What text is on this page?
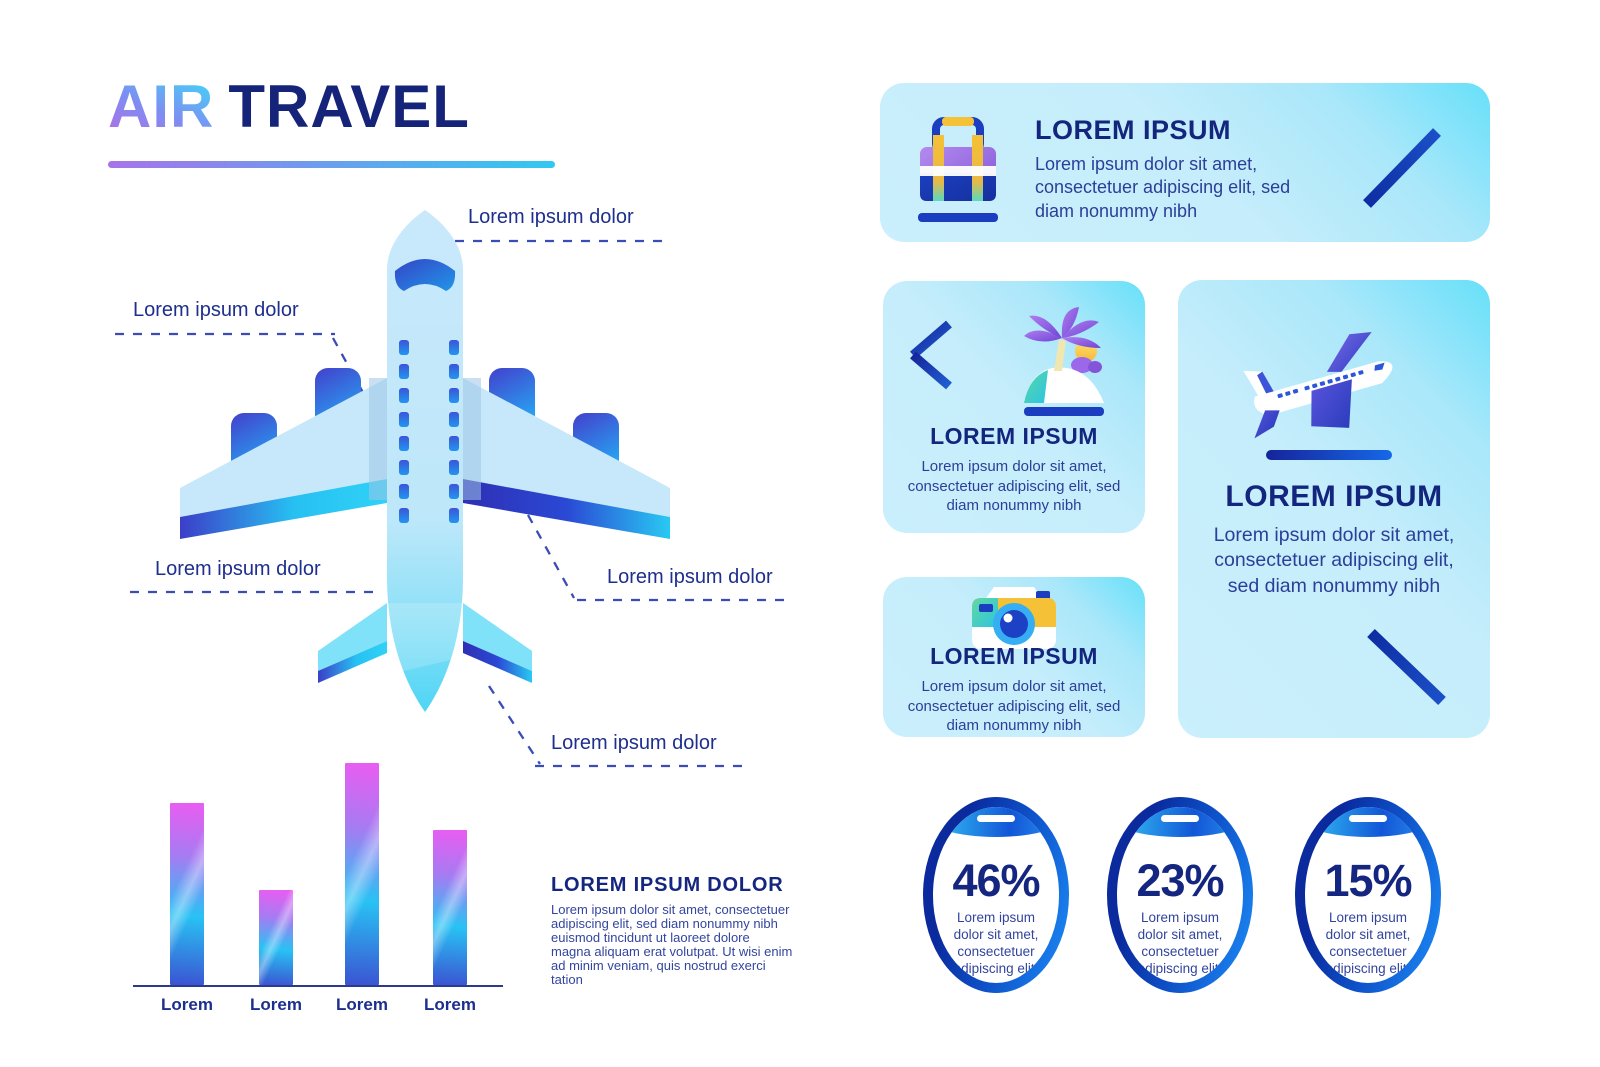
AIR TRAVEL
Lorem ipsum dolor
Lorem ipsum dolor
Lorem ipsum dolor	Lorem ipsum dolor
Lorem ipsum dolor
Lorem	Lorem	Lorem	Lorem
LOREM IPSUM DOLOR
Lorem ipsum dolor sit amet, consectetuer adipiscing elit, sed diam nonummy nibh euismod tincidunt ut laoreet dolore magna aliquam erat volutpat. Ut wisi enim ad minim veniam, quis nostrud exerci tation
LOREM IPSUM
Lorem ipsum dolor sit amet, consectetuer adipiscing elit, sed diam nonummy nibh
LOREM IPSUM
Lorem ipsum dolor sit amet, consectetuer adipiscing elit, sed diam nonummy nibh
LOREM IPSUM
Lorem ipsum dolor sit amet, consectetuer adipiscing elit, sed diam nonummy nibh
LOREM IPSUM
Lorem ipsum dolor sit amet, consectetuer adipiscing elit, sed diam nonummy nibh
46%
Lorem ipsum dolor sit amet, consectetuer adipiscing elit,
23%
Lorem ipsum dolor sit amet, consectetuer adipiscing elit,
15%
Lorem ipsum dolor sit amet, consectetuer adipiscing elit,
